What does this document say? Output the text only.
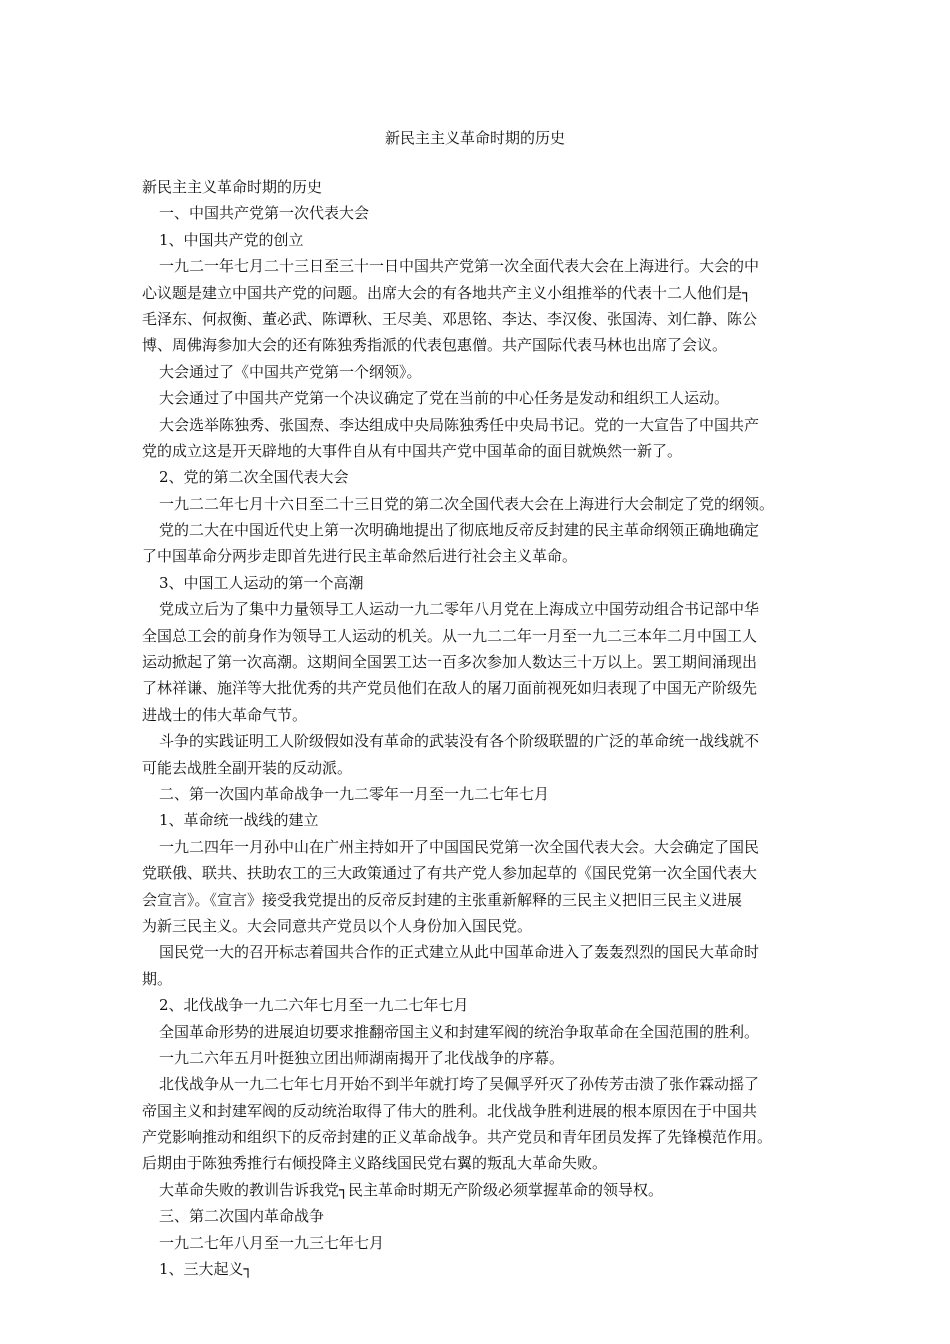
新民主主义革命时期的历史
新民主主义革命时期的历史
一、中国共产党第一次代表大会
1、中国共产党的创立
一九二一年七月二十三日至三十一日中国共产党第一次全面代表大会在上海进行。大会的中
心议题是建立中国共产党的问题。出席大会的有各地共产主义小组推举的代表十二人他们是┐
毛泽东、何叔衡、董必武、陈谭秋、王尽美、邓思铭、李达、李汉俊、张国涛、刘仁静、陈公
博、周佛海参加大会的还有陈独秀指派的代表包惠僧。共产国际代表马林也出席了会议。
大会通过了《中国共产党第一个纲领》。
大会通过了中国共产党第一个决议确定了党在当前的中心任务是发动和组织工人运动。
大会选举陈独秀、张国焘、李达组成中央局陈独秀任中央局书记。党的一大宣告了中国共产
党的成立这是开天辟地的大事件自从有中国共产党中国革命的面目就焕然一新了。
2、党的第二次全国代表大会
一九二二年七月十六日至二十三日党的第二次全国代表大会在上海进行大会制定了党的纲领。
党的二大在中国近代史上第一次明确地提出了彻底地反帝反封建的民主革命纲领正确地确定
了中国革命分两步走即首先进行民主革命然后进行社会主义革命。
3、中国工人运动的第一个高潮
党成立后为了集中力量领导工人运动一九二零年八月党在上海成立中国劳动组合书记部中华
全国总工会的前身作为领导工人运动的机关。从一九二二年一月至一九二三本年二月中国工人
运动掀起了第一次高潮。这期间全国罢工达一百多次参加人数达三十万以上。罢工期间涌现出
了林祥谦、施洋等大批优秀的共产党员他们在敌人的屠刀面前视死如归表现了中国无产阶级先
进战士的伟大革命气节。
斗争的实践证明工人阶级假如没有革命的武装没有各个阶级联盟的广泛的革命统一战线就不
可能去战胜全副开装的反动派。
二、第一次国内革命战争一九二零年一月至一九二七年七月
1、革命统一战线的建立
一九二四年一月孙中山在广州主持如开了中国国民党第一次全国代表大会。大会确定了国民
党联俄、联共、扶助农工的三大政策通过了有共产党人参加起草的《国民党第一次全国代表大
会宣言》。《宣言》接受我党提出的反帝反封建的主张重新解释的三民主义把旧三民主义进展
为新三民主义。大会同意共产党员以个人身份加入国民党。
国民党一大的召开标志着国共合作的正式建立从此中国革命进入了轰轰烈烈的国民大革命时
期。
2、北伐战争一九二六年七月至一九二七年七月
全国革命形势的进展迫切要求推翻帝国主义和封建军阀的统治争取革命在全国范围的胜利。
一九二六年五月叶挺独立团出师湖南揭开了北伐战争的序幕。
北伐战争从一九二七年七月开始不到半年就打垮了吴佩孚歼灭了孙传芳击溃了张作霖动摇了
帝国主义和封建军阀的反动统治取得了伟大的胜利。北伐战争胜利进展的根本原因在于中国共
产党影响推动和组织下的反帝封建的正义革命战争。共产党员和青年团员发挥了先锋模范作用。
后期由于陈独秀推行右倾投降主义路线国民党右翼的叛乱大革命失败。
大革命失败的教训告诉我党┐民主革命时期无产阶级必须掌握革命的领导权。
三、第二次国内革命战争
一九二七年八月至一九三七年七月
1、三大起义┐
